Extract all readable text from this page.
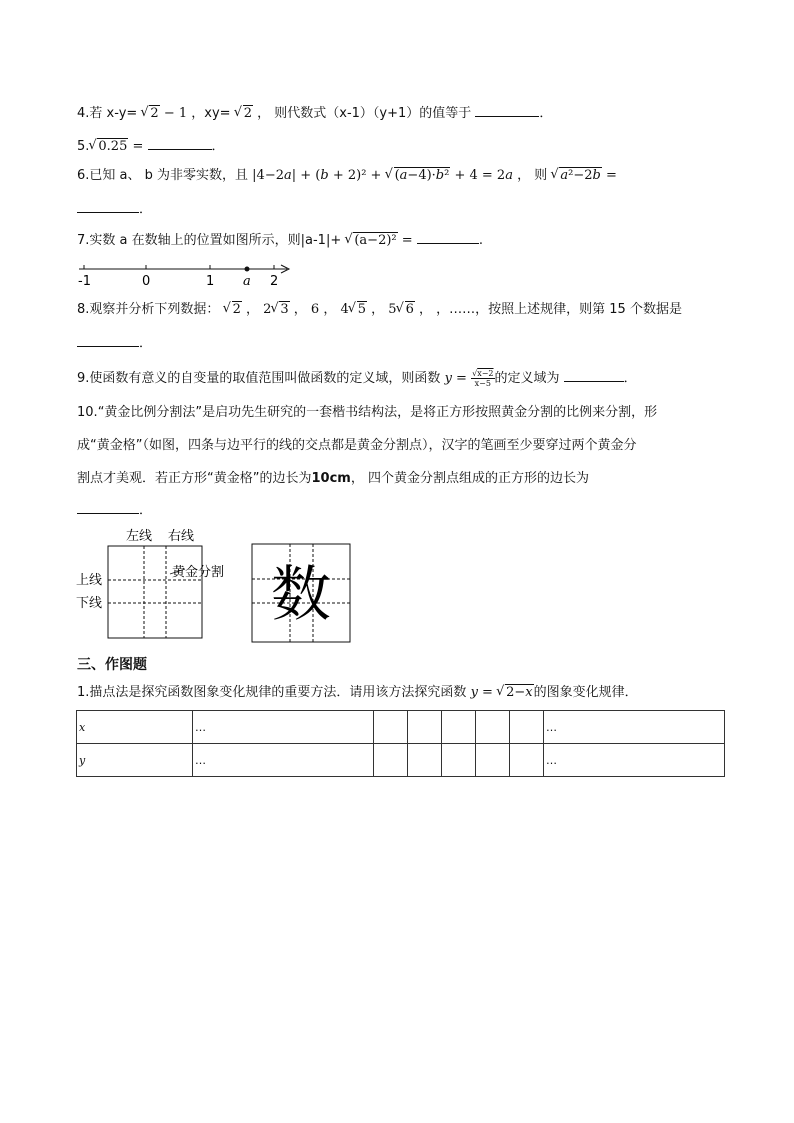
4.若 x-y= √ 2 − 1 ，xy= √ 2 ， 则代数式（x-1）（y+1）的值等于	．
5. √ 0.25 =	．
6.已知 a、 b 为非零实数，且 |4−2a| + (b + 2)² + √ (a−4)·b² + 4 = 2a ， 则 √ a²−2b =
．
7.实数 a 在数轴上的位置如图所示，则|a-1|+ √ (a−2)² =	.
-1	0	1	2
a
8.观察并分析下列数据： √ 2 ， 2 √ 3 ， 6 ， 4 √ 5 ， 5 √ 6 ， ，……，按照上述规律，则第 15 个数据是
．
9.使函数有意义的自变量的取值范围叫做函数的定义域，则函数 $y = \frac{√x-2}{x-5}$ 的定义域为	．
10.“黄金比例分割法”是启功先生研究的一套楷书结构法，是将正方形按照黄金分割的比例来分割，形
成“黄金格”（如图，四条与边平行的线的交点都是黄金分割点），汉字的笔画至少要穿过两个黄金分
割点才美观．若正方形“黄金格”的边长为10cm， 四个黄金分割点组成的正方形的边长为
．
左线 右线
上线
下线
黄金分割 数
三、作图题
1.描点法是探究函数图象变化规律的重要方法．请用该方法探究函数 y = √ 2−x的图象变化规律．
x	…						…
y	…						…
